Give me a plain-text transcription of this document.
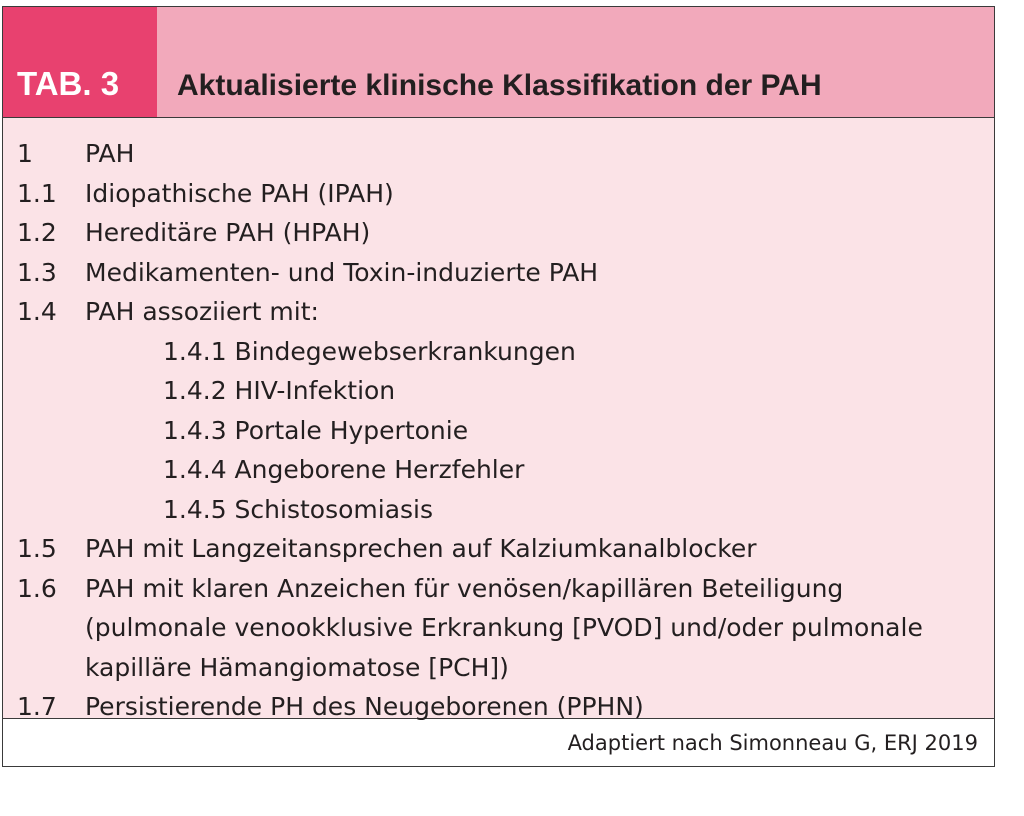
TAB. 3	Aktualisierte klinische Klassifikation der PAH
1	PAH
1.1	Idiopathische PAH (IPAH)
1.2	Hereditäre PAH (HPAH)
1.3	Medikamenten- und Toxin-induzierte PAH
1.4	PAH assoziiert mit:
1.4.1 Bindegewebserkrankungen
1.4.2 HIV-Infektion
1.4.3 Portale Hypertonie
1.4.4 Angeborene Herzfehler
1.4.5 Schistosomiasis
1.5	PAH mit Langzeitansprechen auf Kalziumkanalblocker
1.6	PAH mit klaren Anzeichen für venösen/kapillären Beteiligung
(pulmonale venookklusive Erkrankung [PVOD] und/oder pulmonale
kapilläre Hämangiomatose [PCH])
1.7	Persistierende PH des Neugeborenen (PPHN)
Adaptiert nach Simonneau G, ERJ 2019
